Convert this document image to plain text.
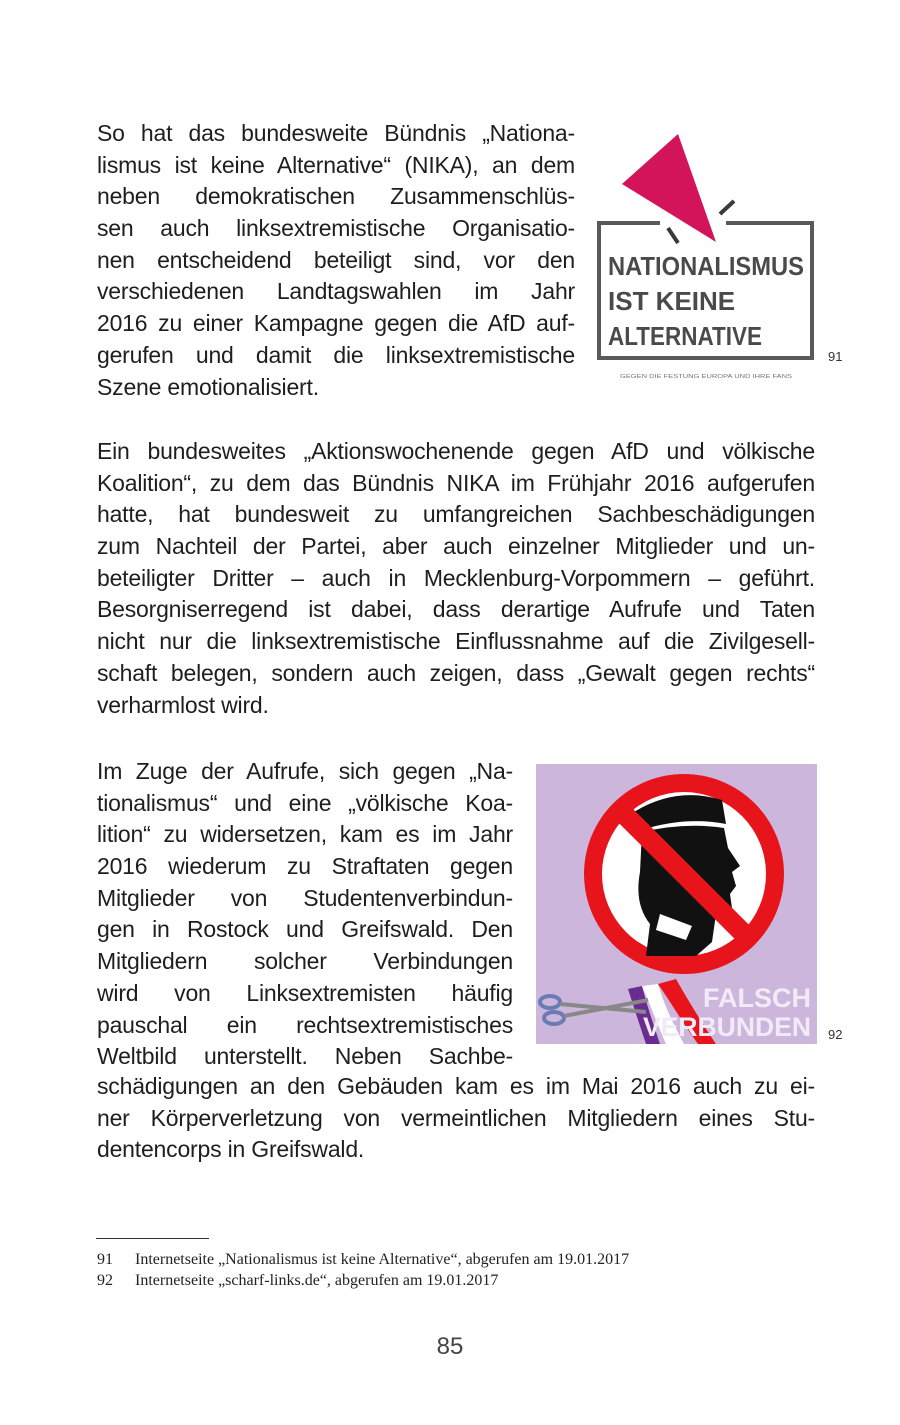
So hat das bundesweite Bündnis „Nationa-
lismus ist keine Alternative“ (NIKA), an dem
neben demokratischen Zusammenschlüs-
sen auch linksextremistische Organisatio-
nen entscheidend beteiligt sind, vor den
verschiedenen Landtagswahlen im Jahr
2016 zu einer Kampagne gegen die AfD auf-
gerufen und damit die linksextremistische
Szene emotionalisiert.
NATIONALISMUS
IST KEINE
ALTERNATIVE
GEGEN DIE FESTUNG EUROPA UND IHRE FANS
91
Ein bundesweites „Aktionswochenende gegen AfD und völkische
Koalition“, zu dem das Bündnis NIKA im Frühjahr 2016 aufgerufen
hatte, hat bundesweit zu umfangreichen Sachbeschädigungen
zum Nachteil der Partei, aber auch einzelner Mitglieder und un-
beteiligter Dritter – auch in Mecklenburg-Vorpommern – geführt.
Besorgniserregend ist dabei, dass derartige Aufrufe und Taten
nicht nur die linksextremistische Einflussnahme auf die Zivilgesell-
schaft belegen, sondern auch zeigen, dass „Gewalt gegen rechts“
verharmlost wird.
Im Zuge der Aufrufe, sich gegen „Na-
tionalismus“ und eine „völkische Koa-
lition“ zu widersetzen, kam es im Jahr
2016 wiederum zu Straftaten gegen
Mitglieder von Studentenverbindun-
gen in Rostock und Greifswald. Den
Mitgliedern solcher Verbindungen
wird von Linksextremisten häufig
pauschal ein rechtsextremistisches
Weltbild unterstellt. Neben Sachbe-
schädigungen an den Gebäuden kam es im Mai 2016 auch zu ei-
ner Körperverletzung von vermeintlichen Mitgliedern eines Stu-
dentencorps in Greifswald.
FALSCH
VERBUNDEN 92
91	Internetseite „Nationalismus ist keine Alternative“, abgerufen am 19.01.2017
92	Internetseite „scharf-links.de“, abgerufen am 19.01.2017
85
